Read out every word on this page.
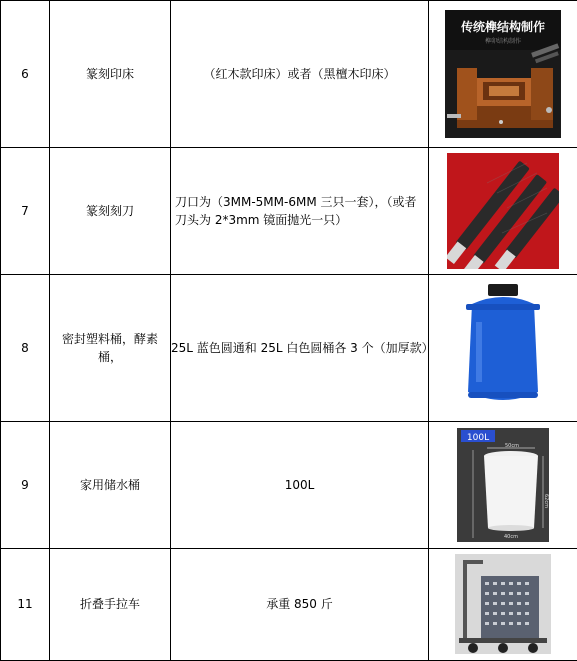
6	篆刻印床	（红木款印床）或者（黑檀木印床）	传统榫结构制作
榫卯结构制作

7	篆刻刻刀	刀口为（3MM-5MM-6MM 三只一套），（或者刀头为 2*3mm 镜面抛光一只）	

8	密封塑料桶，酵素桶，	25L 蓝色圆通和 25L 白色圆桶各 3 个（加厚款）	

9	家用储水桶	100L	100L
50cm
62cm
40cm

11	折叠手拉车	承重 850 斤	
